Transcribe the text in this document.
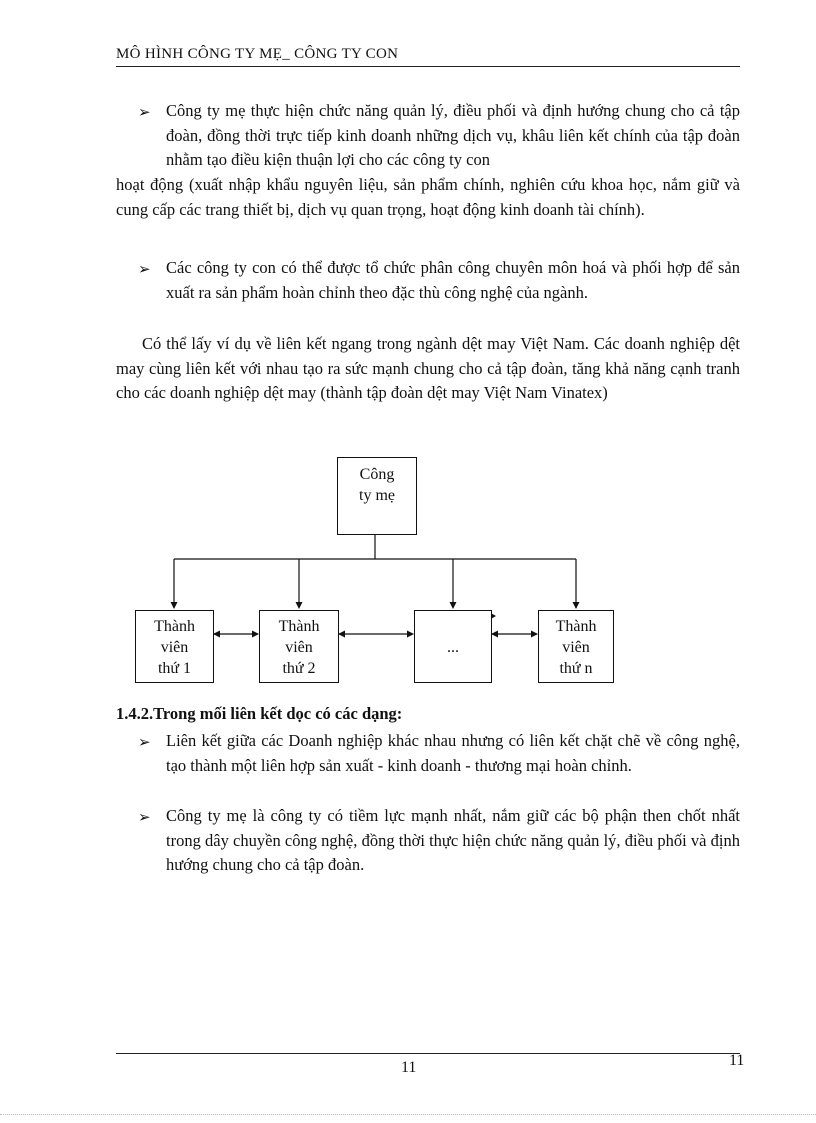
MÔ HÌNH CÔNG TY MẸ_ CÔNG TY CON
➢ Công ty mẹ thực hiện chức năng quản lý, điều phối và định hướng chung cho cả tập đoàn, đồng thời trực tiếp kinh doanh những dịch vụ, khâu liên kết chính của tập đoàn nhằm tạo điều kiện thuận lợi cho các công ty con

hoạt động (xuất nhập khẩu nguyên liệu, sản phẩm chính, nghiên cứu khoa học, nắm giữ và cung cấp các trang thiết bị, dịch vụ quan trọng, hoạt động kinh doanh tài chính).

➢ Các công ty con có thể được tổ chức phân công chuyên môn hoá và phối hợp để sản xuất ra sản phẩm hoàn chỉnh theo đặc thù công nghệ của ngành.

Có thể lấy ví dụ về liên kết ngang trong ngành dệt may Việt Nam. Các doanh nghiệp dệt may cùng liên kết với nhau tạo ra sức mạnh chung cho cả tập đoàn, tăng khả năng cạnh tranh cho các doanh nghiệp dệt may (thành tập đoàn dệt may Việt Nam Vinatex)

Công
ty mẹ
Thành
viên
thứ 1
Thành
viên
thứ 2
...
Thành
viên
thứ n
1.4.2.Trong mối liên kết dọc có các dạng:
➢ Liên kết giữa các Doanh nghiệp khác nhau nhưng có liên kết chặt chẽ về công nghệ, tạo thành một liên hợp sản xuất - kinh doanh - thương mại hoàn chỉnh.

➢ Công ty mẹ là công ty có tiềm lực mạnh nhất, nắm giữ các bộ phận then chốt nhất trong dây chuyền công nghệ, đồng thời thực hiện chức năng quản lý, điều phối và định hướng chung cho cả tập đoàn.

11	11
